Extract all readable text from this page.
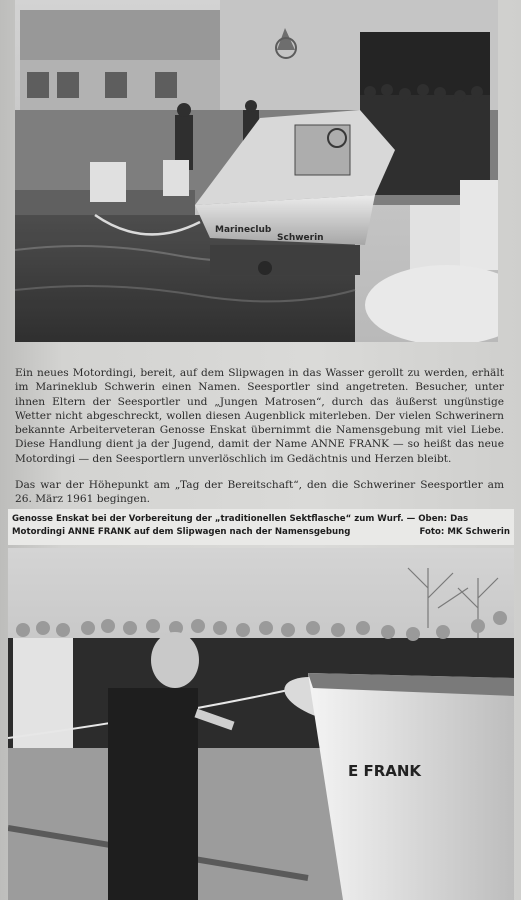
Marineclub
Schwerin

Ein neues Motordingi, bereit, auf dem Slipwagen in das Wasser gerollt zu werden, erhält im Marineklub Schwerin einen Namen. Seesportler sind angetreten. Besucher, unter ihnen Eltern der Seesportler und „Jungen Matrosen“, durch das äußerst ungünstige Wetter nicht abgeschreckt, wollen diesen Augenblick miterleben. Der vielen Schwerinern bekannte Arbeiterveteran Genosse Enskat übernimmt die Namensgebung mit viel Liebe. Diese Handlung dient ja der Jugend, damit der Name ANNE FRANK — so heißt das neue Motordingi — den Seesportlern unverlöschlich im Gedächtnis und Herzen bleibt.

Das war der Höhepunkt am „Tag der Bereitschaft“, den die Schweriner Seesportler am 26. März 1961 begingen.

Genosse Enskat bei der Vorbereitung der „traditionellen Sektflasche“ zum Wurf. — Oben: Das
Motordingi ANNE FRANK auf dem Slipwagen nach der Namensgebung	Foto: MK Schwerin
E FRANK
